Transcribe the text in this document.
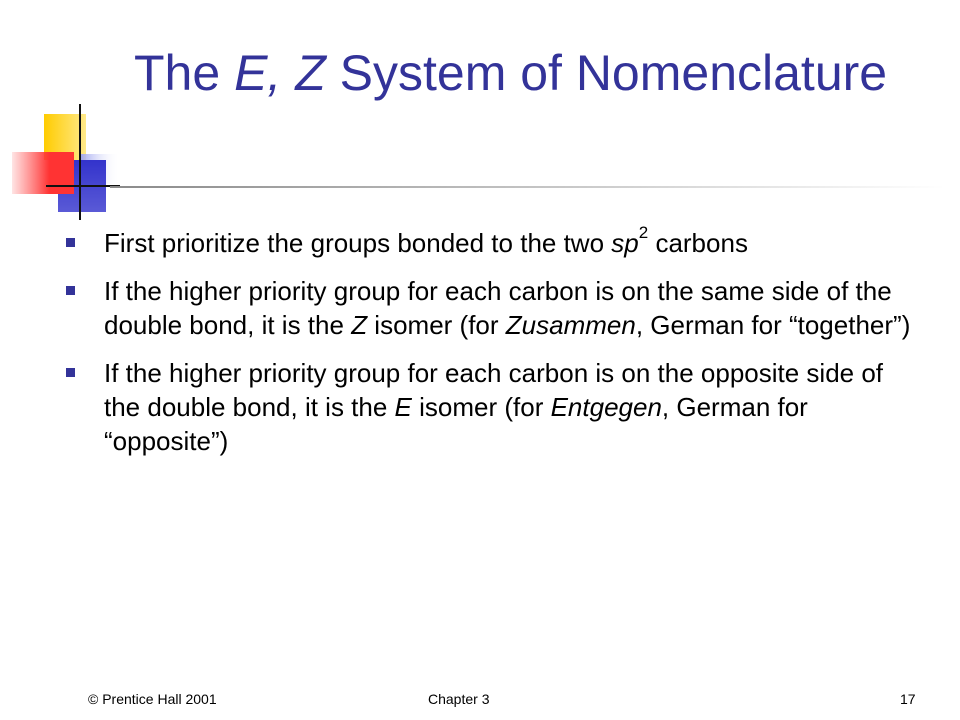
The E, Z System of Nomenclature
First prioritize the groups bonded to the two $sp^2$ carbons
If the higher priority group for each carbon is on the same side of the double bond, it is the Z isomer (for Zusammen, German for “together”)
If the higher priority group for each carbon is on the opposite side of the double bond, it is the E isomer (for Entgegen, German for “opposite”)
© Prentice Hall 2001	Chapter 3	17
